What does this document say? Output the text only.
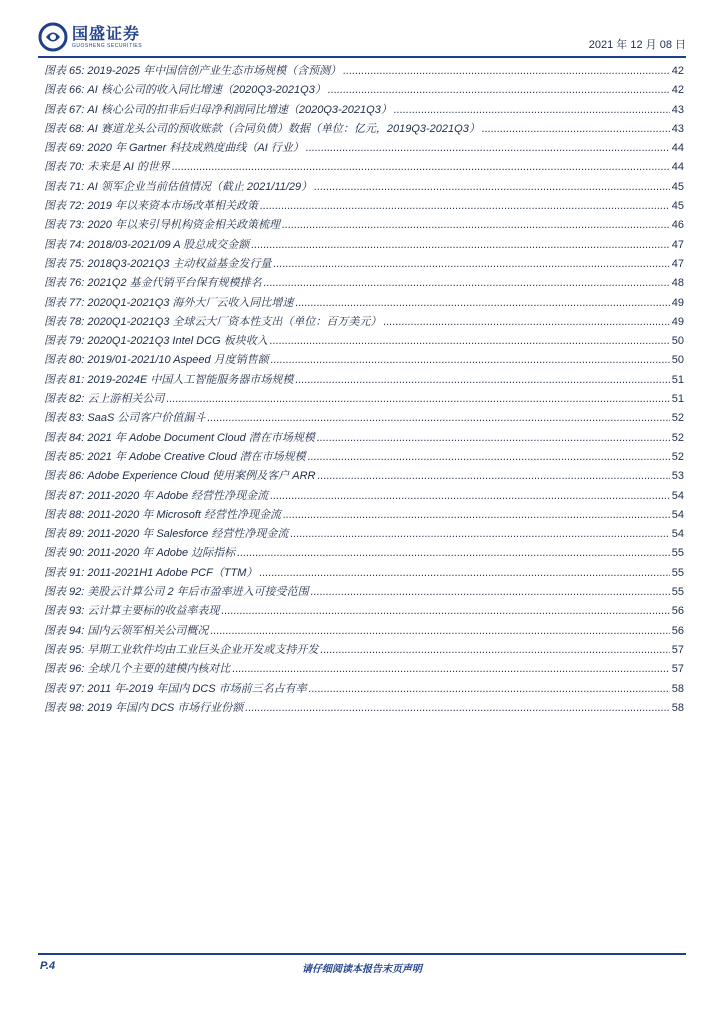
国盛证券
GUOSHENG SECURITIES	2021 年 12 月 08 日
图表 65:
2019-2025 年中国信创产业生态市场规模（含预测） .....	42
图表 66:
AI 核心公司的收入同比增速（2020Q3-2021Q3） .....	42
图表 67:
AI 核心公司的扣非后归母净利润同比增速（2020Q3-2021Q3） .....	43
图表 68:
AI 赛道龙头公司的预收账款（合同负债）数据（单位：亿元，2019Q3-2021Q3） .....	43
图表 69:
2020 年 Gartner 科技成熟度曲线（AI 行业） .....	44
图表 70:
未来是 AI 的世界 .....	44
图表 71:
AI 领军企业当前估值情况（截止 2021/11/29） .....	45
图表 72:
2019 年以来资本市场改革相关政策 .....	45
图表 73:
2020 年以来引导机构资金相关政策梳理 .....	46
图表 74:
2018/03-2021/09 A 股总成交金额 .....	47
图表 75:
2018Q3-2021Q3 主动权益基金发行量 .....	47
图表 76:
2021Q2 基金代销平台保有规模排名 .....	48
图表 77:
2020Q1-2021Q3 海外大厂云收入同比增速 .....	49
图表 78:
2020Q1-2021Q3 全球云大厂资本性支出（单位：百万美元） .....	49
图表 79:
2020Q1-2021Q3 Intel DCG 板块收入 .....	50
图表 80:
2019/01-2021/10 Aspeed 月度销售额 .....	50
图表 81:
2019-2024E 中国人工智能服务器市场规模 .....	51
图表 82:
云上游相关公司 .....	51
图表 83:
SaaS 公司客户价值漏斗 .....	52
图表 84:
2021 年 Adobe Document Cloud 潜在市场规模 .....	52
图表 85:
2021 年 Adobe Creative Cloud 潜在市场规模 .....	52
图表 86:
Adobe Experience Cloud 使用案例及客户 ARR .....	53
图表 87:
2011-2020 年 Adobe 经营性净现金流 .....	54
图表 88:
2011-2020 年 Microsoft 经营性净现金流 .....	54
图表 89:
2011-2020 年 Salesforce 经营性净现金流 .....	54
图表 90:
2011-2020 年 Adobe 边际指标 .....	55
图表 91:
2011-2021H1 Adobe PCF（TTM） .....	55
图表 92:
美股云计算公司 2 年后市盈率进入可接受范围 .....	55
图表 93:
云计算主要标的收益率表现 .....	56
图表 94:
国内云领军相关公司概况 .....	56
图表 95:
早期工业软件均由工业巨头企业开发或支持开发 .....	57
图表 96:
全球几个主要的建模内核对比 .....	57
图表 97:
2011 年-2019 年国内 DCS 市场前三名占有率 .....	58
图表 98:
2019 年国内 DCS 市场行业份额 .....	58
P.4	请仔细阅读本报告末页声明
